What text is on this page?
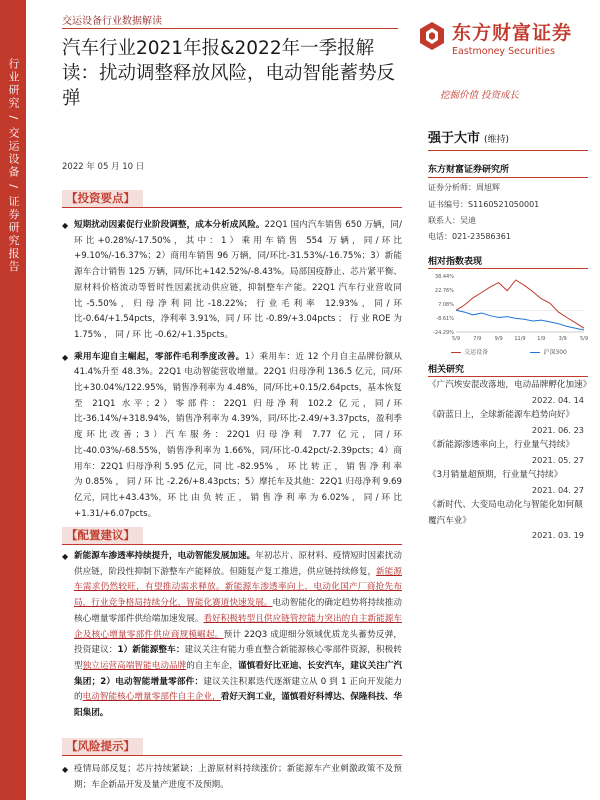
行业研究 / 交运设备 / 证券研究报告
交运设备行业数据解读
汽车行业2021年报&2022年一季报解读：扰动调整释放风险，电动智能蓄势反弹
2022 年 05 月 10 日
东方财富证券
Eastmoney Securities
挖掘价值 投资成长
强于大市 (维持)
东方财富证券研究所
证券分析师：周旭辉
证书编号：S1160521050001
联系人：吴迪
电话：021-23586361
相对指数表现
38.44%
22.76%
7.08%
-8.61%
-24.29%
5/9	7/9	9/9 11/9 1/9	3/9	5/9
交运设备	沪深300
相关研究
《广汽埃安混改落地，电动品牌孵化加速》
2022. 04. 14
《蔚蓝日上，全球新能源车趋势向好》
2021. 06. 23
《新能源渗透率向上，行业量气持续》
2021. 05. 27
《3月销量超预期，行业量气持续》
2021. 04. 27
《新时代、大变局电动化与智能化如何颠覆汽车业》
2021. 03. 19
【投资要点】
◆ 短期扰动因素促行业阶段调整，成本分析成风险。22Q1 国内汽车销售 650 万辆，同/环比+0.28%/-17.50%，其中：1）乘用车销售 554 万辆，同/环比+9.10%/-16.37%；2）商用车销售 96 万辆，同/环比-31.53%/-16.75%；3）新能源车合计销售 125 万辆，同/环比+142.52%/-8.43%。局部国疫静止、芯片紧平衡、原材料价格流动等暂时性因素扰动供应链，抑制整车产能。22Q1 汽车行业营收同比-5.50%，归母净利同比-18.22%；行业毛利率 12.93%，同/环比-0.64/+1.54pcts，净利率 3.91%，同 / 环 比 -0.89/+3.04pcts ； 行 业 ROE 为 1.75% ， 同 / 环 比 -0.62/+1.35pcts。
◆ 乘用车迎自主崛起，零部件毛利季度改善。1）乘用车：近 12 个月自主品牌份额从 41.4%升至 48.3%。22Q1 电动智能营收增量。22Q1 归母净利 136.5 亿元，同/环比+30.04%/122.95%，销售净利率为 4.48%，同/环比+0.15/2.64pcts，基本恢复至 21Q1 水平；2）零部件：22Q1 归母净利 102.2 亿元，同/环比-36.14%/+318.94%，销售净利率为 4.39%，同/环比-2.49/+3.37pcts，盈利季度环比改善；3）汽车服务：22Q1 归母净利 7.77 亿元，同/环比-40.03%/-68.55%，销售净利率为 1.66%，同/环比-0.42pct/-2.39pcts；4）商用车：22Q1 归母净利 5.95 亿元，同 比 -82.95% ， 环 比 转 正 ， 销 售 净 利 率 为 0.85% ， 同 / 环 比 -2.26/+8.43pcts；5）摩托车及其他：22Q1 归母净利 9.69 亿元，同比+43.43%，环 比 由 负 转 正 ， 销 售 净 利 率 为 6.02% ， 同 / 环 比 +1.31/+6.07pcts。
【配置建议】
◆ 新能源车渗透率持续提升，电动智能发展加速。年初芯片、原材料、疫情短时因素扰动供应链，阶段性抑制下游整车产能释放。但随复产复工推进，供应链持续修复，新能源车需求仍然较旺，有望推动需求释放。新能源车渗透率向上，电动化国产厂商抢先布局，行业竞争格局持续分化，智能化赛道快速发展。电动智能化的确定趋势将持续推动核心增量零部件供给端加速发展。看好积极转型且供应链管控能力突出的自主新能源车企及核心增量零部件供应商规模崛起。预计 22Q3 成迎细分领域优质龙头蓄势反弹，投资建议：1）新能源整车：建议关注有能力垂直整合新能源核心零部件资源，积极转型独立运营高端智能电动品牌的自主车企，谨慎看好比亚迪、长安汽车，建议关注广汽集团；2）电动智能增量零部件：建议关注积累迭代逐渐建立从 0 到 1 正向开发能力的电动智能核心增量零部件自主企业，看好天润工业，谨慎看好科博达、保隆科技、华阳集团。
【风险提示】
◆ 疫情局部反复；芯片持续紧缺；上游原材料持续涨价；新能源车产业刺激政策不及预期；车企新品开发及量产进度不及预期。
